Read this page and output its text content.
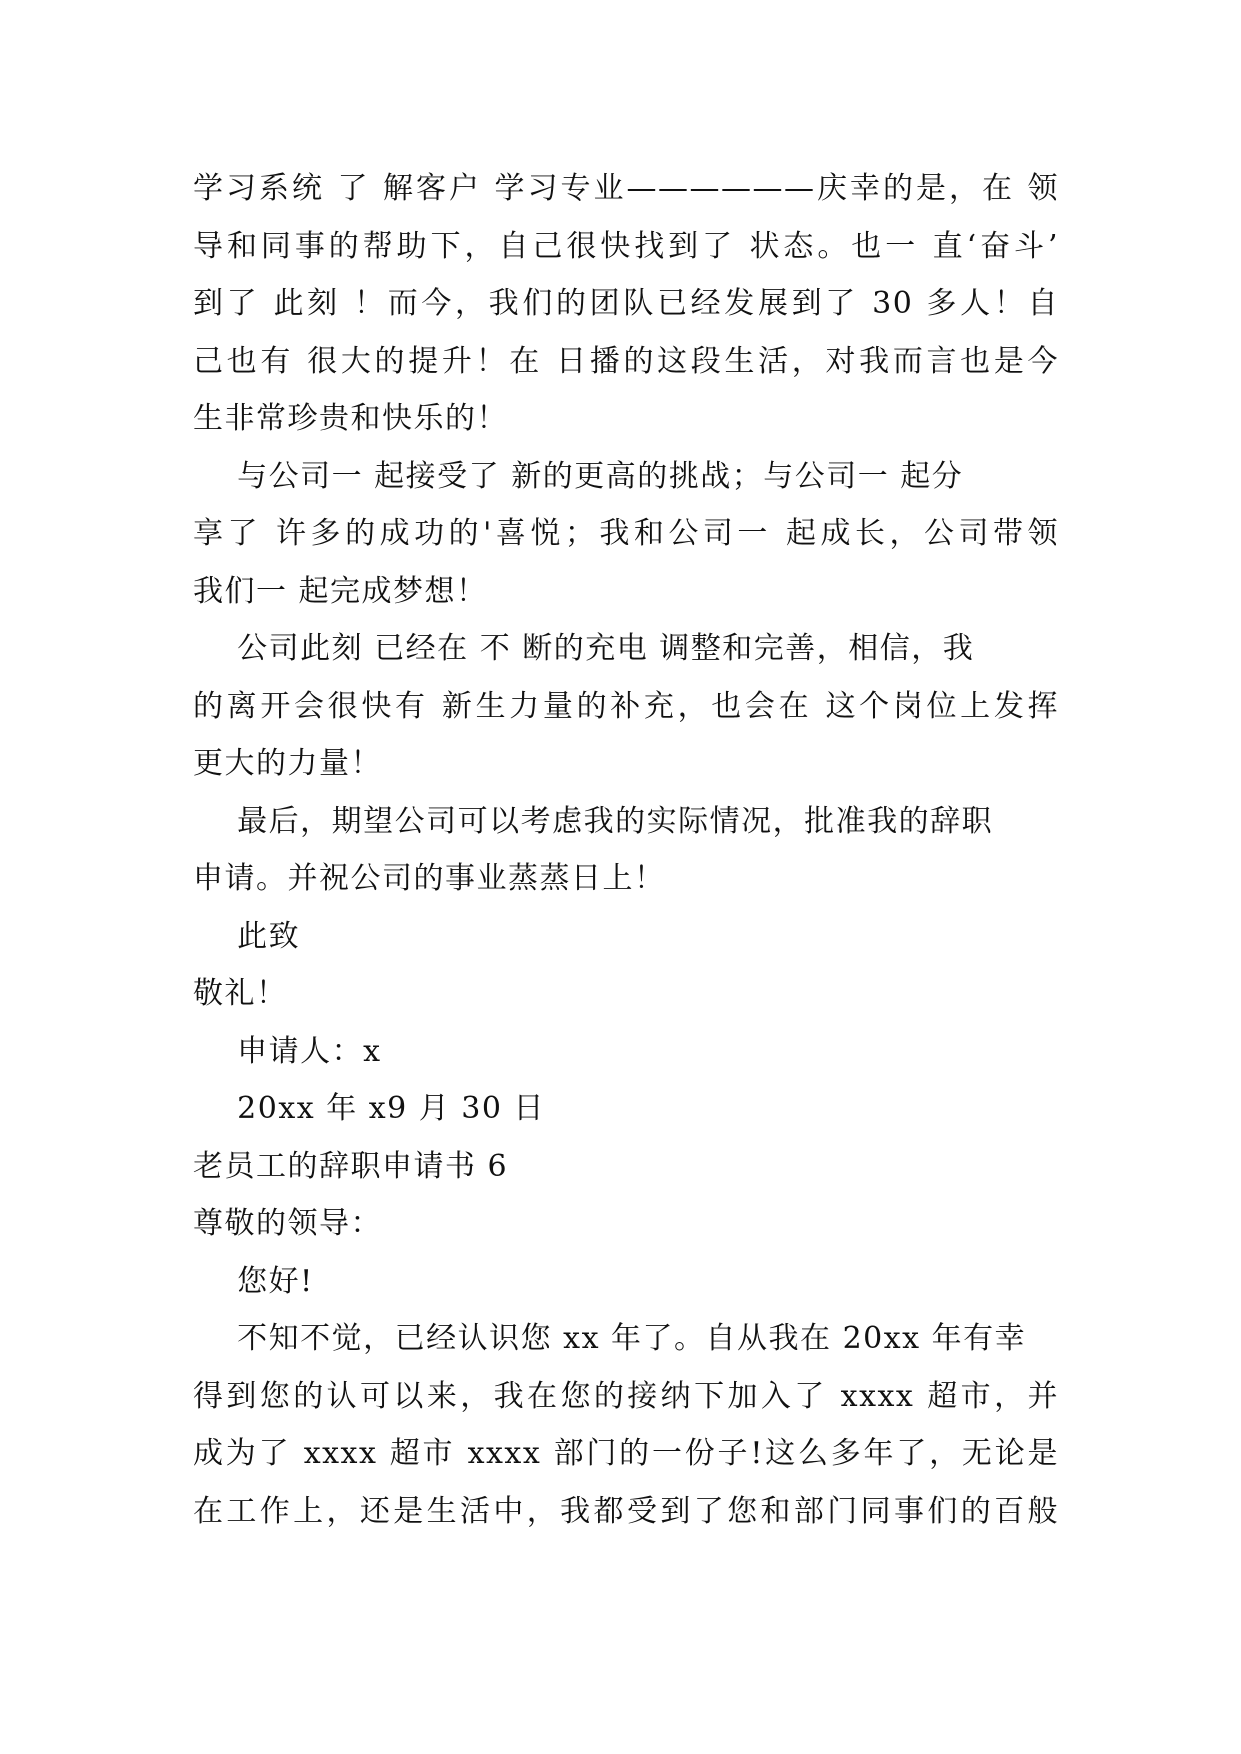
学习系统 了 解客户 学习专业——————庆幸的是，在 领
导和同事的帮助下，自己很快找到了 状态。也一 直‘奋斗’
到了 此刻 ！而今，我们的团队已经发展到了 30 多人！自
己也有 很大的提升！在 日播的这段生活，对我而言也是今
生非常珍贵和快乐的！
与公司一 起接受了 新的更高的挑战；与公司一 起分
享了 许多的成功的'喜悦；我和公司一 起成长，公司带领
我们一 起完成梦想！
公司此刻 已经在 不 断的充电 调整和完善，相信，我
的离开会很快有 新生力量的补充，也会在 这个岗位上发挥
更大的力量！
最后，期望公司可以考虑我的实际情况，批准我的辞职
申请。并祝公司的事业蒸蒸日上！
此致
敬礼！
申请人：x
20xx 年 x9 月 30 日
老员工的辞职申请书 6
尊敬的领导：
您好!
不知不觉，已经认识您 xx 年了。自从我在 20xx 年有幸
得到您的认可以来，我在您的接纳下加入了 xxxx 超市，并
成为了 xxxx 超市 xxxx 部门的一份子!这么多年了，无论是
在工作上，还是生活中，我都受到了您和部门同事们的百般
